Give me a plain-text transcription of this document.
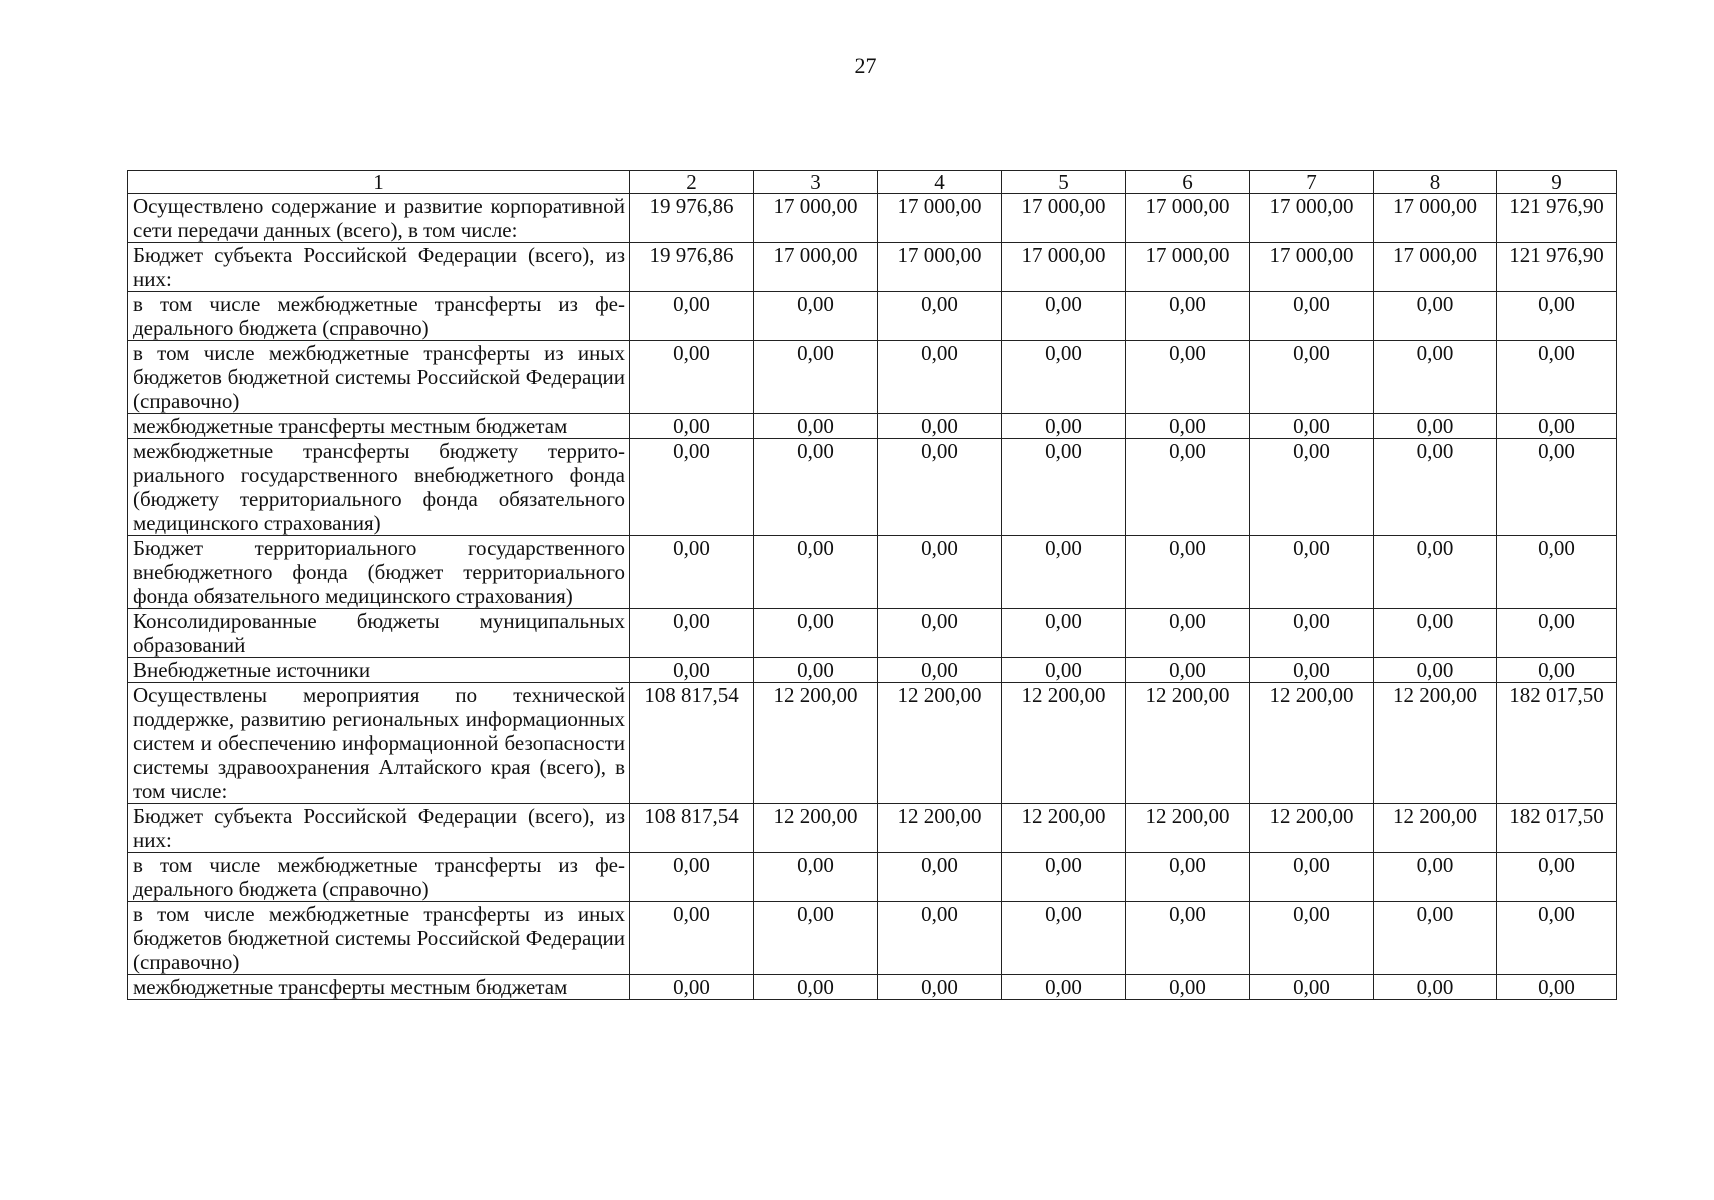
27
1	2	3	4	5	6	7	8	9
Осуществлено содержание и развитие корпоративной сети передачи данных (всего), в том числе:	19 976,86	17 000,00	17 000,00	17 000,00	17 000,00	17 000,00	17 000,00	121 976,90
Бюджет субъекта Российской Федерации (всего), из них:	19 976,86	17 000,00	17 000,00	17 000,00	17 000,00	17 000,00	17 000,00	121 976,90
в том числе межбюджетные трансферты из федерального бюджета (справочно)	0,00	0,00	0,00	0,00	0,00	0,00	0,00	0,00
в том числе межбюджетные трансферты из иных бюджетов бюджетной системы Российской Федерации (справочно)	0,00	0,00	0,00	0,00	0,00	0,00	0,00	0,00
межбюджетные трансферты местным бюджетам	0,00	0,00	0,00	0,00	0,00	0,00	0,00	0,00
межбюджетные трансферты бюджету территориального государственного внебюджетного фонда (бюджету территориального фонда обязательного медицинского страхования)	0,00	0,00	0,00	0,00	0,00	0,00	0,00	0,00
Бюджет территориального государственного внебюджетного фонда (бюджет территориального фонда обязательного медицинского страхования)	0,00	0,00	0,00	0,00	0,00	0,00	0,00	0,00
Консолидированные бюджеты муниципальных образований	0,00	0,00	0,00	0,00	0,00	0,00	0,00	0,00
Внебюджетные источники	0,00	0,00	0,00	0,00	0,00	0,00	0,00	0,00
Осуществлены мероприятия по технической поддержке, развитию региональных информационных систем и обеспечению информационной безопасности системы здравоохранения Алтайского края (всего), в том числе:	108 817,54	12 200,00	12 200,00	12 200,00	12 200,00	12 200,00	12 200,00	182 017,50
Бюджет субъекта Российской Федерации (всего), из них:	108 817,54	12 200,00	12 200,00	12 200,00	12 200,00	12 200,00	12 200,00	182 017,50
в том числе межбюджетные трансферты из федерального бюджета (справочно)	0,00	0,00	0,00	0,00	0,00	0,00	0,00	0,00
в том числе межбюджетные трансферты из иных бюджетов бюджетной системы Российской Федерации (справочно)	0,00	0,00	0,00	0,00	0,00	0,00	0,00	0,00
межбюджетные трансферты местным бюджетам	0,00	0,00	0,00	0,00	0,00	0,00	0,00	0,00
